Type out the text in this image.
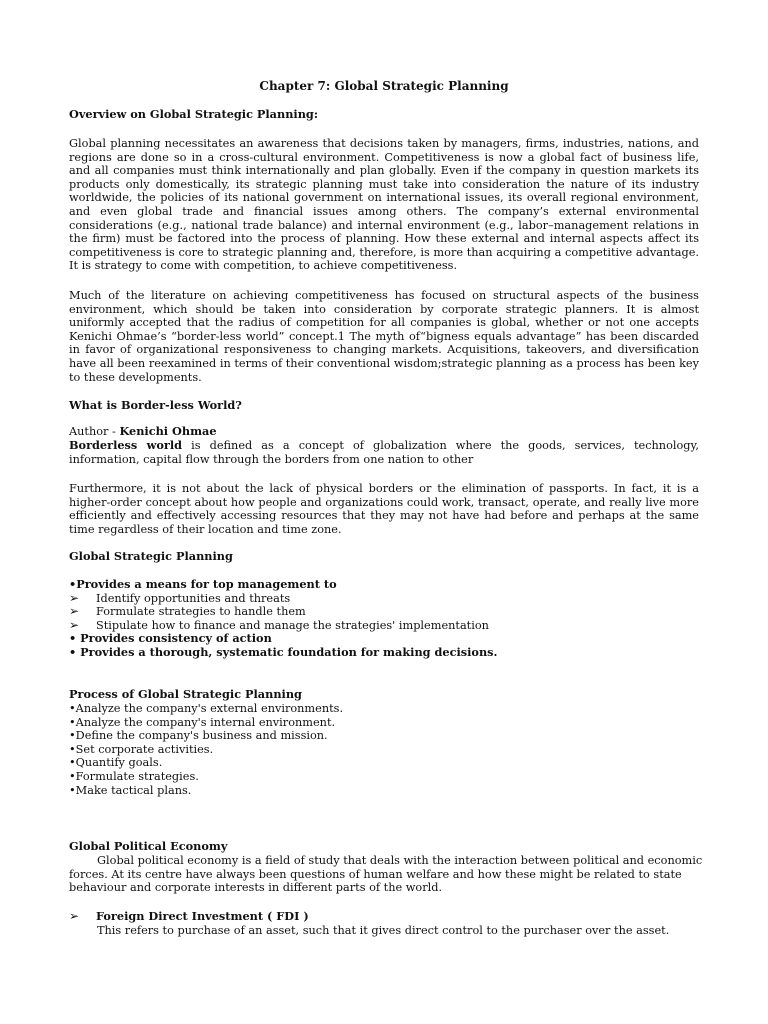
Chapter 7: Global Strategic Planning
Overview on Global Strategic Planning:

Global planning necessitates an awareness that decisions taken by managers, firms, industries, nations, and regions are done so in a cross-cultural environment. Competitiveness is now a global fact of business life, and all companies must think internationally and plan globally. Even if the company in question markets its products only domestically, its strategic planning must take into consideration the nature of its industry worldwide, the policies of its national government on international issues, its overall regional environment, and even global trade and financial issues among others. The company’s external environmental considerations (e.g., national trade balance) and internal environment (e.g., labor–management relations in the firm) must be factored into the process of planning. How these external and internal aspects affect its competitiveness is core to strategic planning and, therefore, is more than acquiring a competitive advantage. It is strategy to come with competition, to achieve competitiveness.

Much of the literature on achieving competitiveness has focused on structural aspects of the business environment, which should be taken into consideration by corporate strategic planners. It is almost uniformly accepted that the radius of competition for all companies is global, whether or not one accepts Kenichi Ohmae’s “border-less world” concept.1 The myth of“bigness equals advantage” has been discarded in favor of organizational responsiveness to changing markets. Acquisitions, takeovers, and diversification have all been reexamined in terms of their conventional wisdom;strategic planning as a process has been key to these developments.

What is Border-less World?
Author - Kenichi Ohmae
Borderless world is defined as a concept of globalization where the goods, services, technology, information, capital flow through the borders from one nation to other

Furthermore, it is not about the lack of physical borders or the elimination of passports. In fact, it is a higher-order concept about how people and organizations could work, transact, operate, and really live more efficiently and effectively accessing resources that they may not have had before and perhaps at the same time regardless of their location and time zone.

Global Strategic Planning
•Provides a means for top management to
➢ Identify opportunities and threats
➢ Formulate strategies to handle them
➢ Stipulate how to finance and manage the strategies' implementation
• Provides consistency of action
• Provides a thorough, systematic foundation for making decisions.
Process of Global Strategic Planning
•Analyze the company's external environments.
•Analyze the company's internal environment.
•Define the company's business and mission.
•Set corporate activities.
•Quantify goals.
•Formulate strategies.
•Make tactical plans.
Global Political Economy
Global political economy is a field of study that deals with the interaction between political and economic
forces. At its centre have always been questions of human welfare and how these might be related to state
behaviour and corporate interests in different parts of the world.
➢ Foreign Direct Investment ( FDI )
This refers to purchase of an asset, such that it gives direct control to the purchaser over the asset.
